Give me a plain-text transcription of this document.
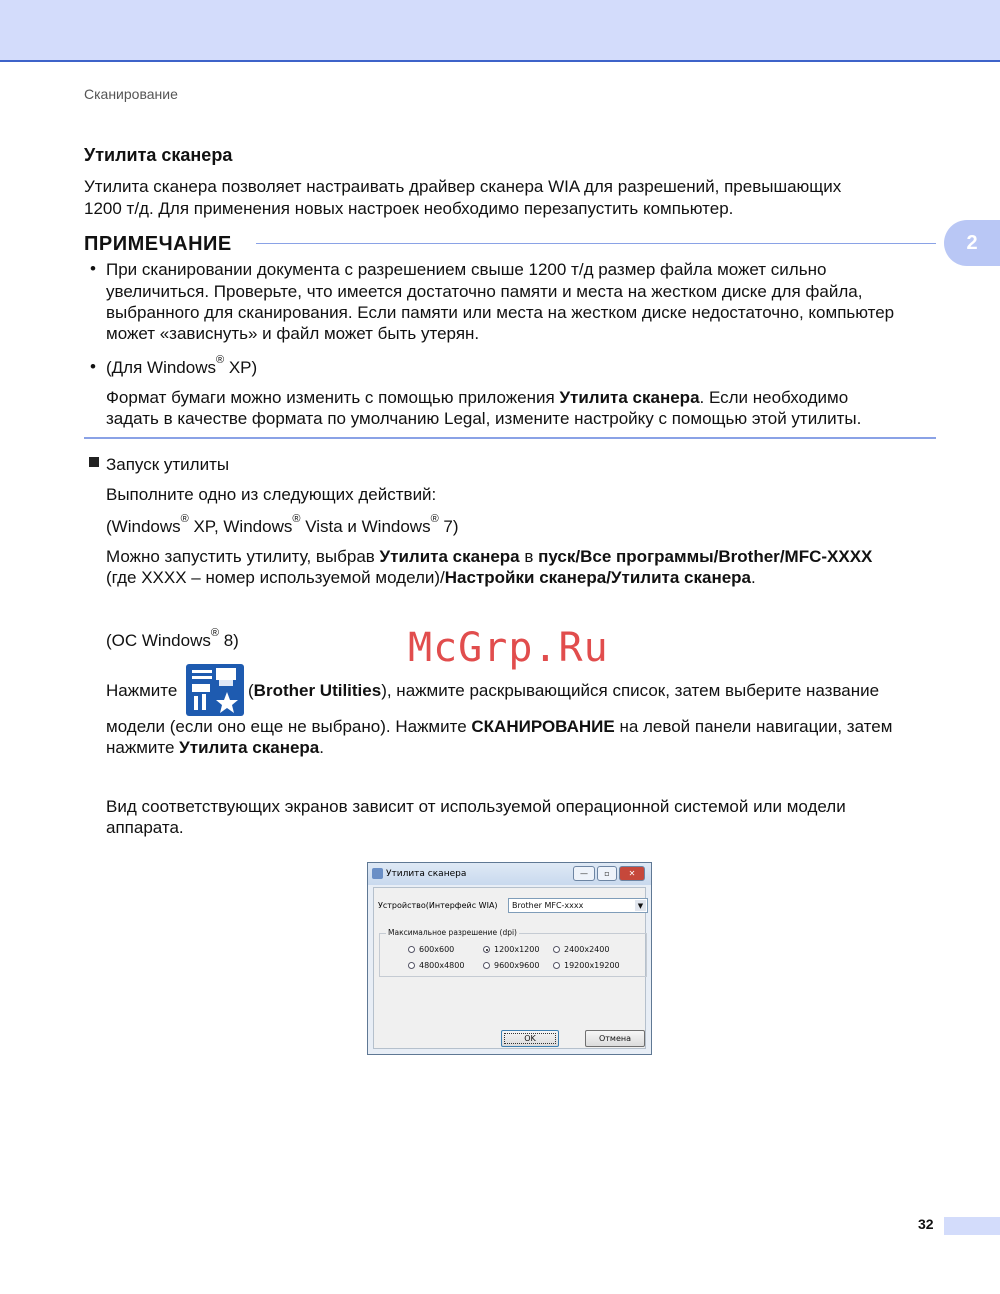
Сканирование
2
Утилита сканера
Утилита сканера позволяет настраивать драйвер сканера WIA для разрешений, превышающих
1200 т/д. Для применения новых настроек необходимо перезапустить компьютер.
ПРИМЕЧАНИЕ
• При сканировании документа с разрешением свыше 1200 т/д размер файла может сильно
увеличиться. Проверьте, что имеется достаточно памяти и места на жестком диске для файла,
выбранного для сканирования. Если памяти или места на жестком диске недостаточно, компьютер
может «зависнуть» и файл может быть утерян.
• (Для Windows® XP)
Формат бумаги можно изменить с помощью приложения Утилита сканера. Если необходимо
задать в качестве формата по умолчанию Legal, измените настройку с помощью этой утилиты.
Запуск утилиты
Выполните одно из следующих действий:
(Windows® XP, Windows® Vista и Windows® 7)
Можно запустить утилиту, выбрав Утилита сканера в пуск/Все программы/Brother/MFC-XXXX
(где XXXX – номер используемой модели)/Настройки сканера/Утилита сканера.
(ОС Windows® 8)	McGrp.Ru
Нажмите	(Brother Utilities), нажмите раскрывающийся список, затем выберите название
модели (если оно еще не выбрано). Нажмите СКАНИРОВАНИЕ на левой панели навигации, затем
нажмите Утилита сканера.
Вид соответствующих экранов зависит от используемой операционной системой или модели
аппарата.
Утилита сканера	—	▫	✕
Устройство(Интерфейс WIA) Brother MFC-xxxx	▼
Максимальное разрешение (dpi)
600x600	1200x1200	2400x2400
4800x4800	9600x9600	19200x19200
OK	Отмена
32
